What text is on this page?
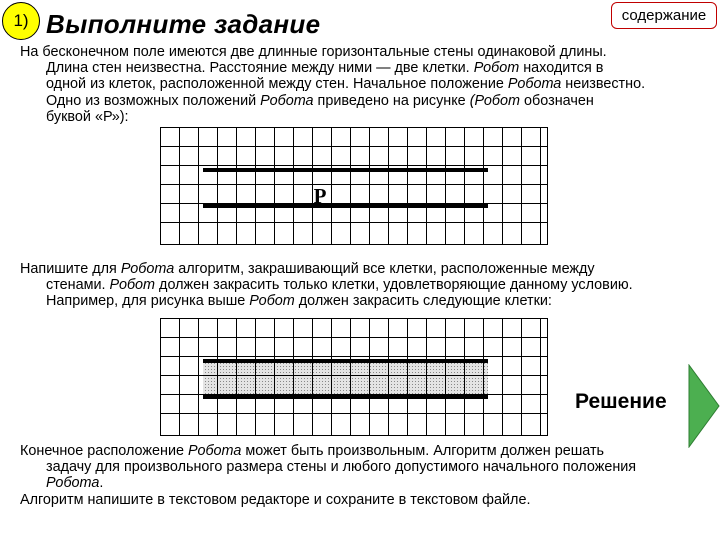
1) Выполните задание	содержание

На бесконечном поле имеются две длинные горизонтальные стены одинаковой длины.
Длина стен неизвестна. Расстояние между ними — две клетки. Робот находится в
одной из клеток, расположенной между стен. Начальное положение Робота неизвестно.
Одно из возможных положений Робота приведено на рисунке (Робот обозначен
буквой «Р»):

Р

Напишите для Робота алгоритм, закрашивающий все клетки, расположенные между
стенами. Робот должен закрасить только клетки, удовлетворяющие данному условию.
Например, для рисунка выше Робот должен закрасить следующие клетки:

Решение

Конечное расположение Робота может быть произвольным. Алгоритм должен решать
задачу для произвольного размера стены и любого допустимого начального положения
Робота.
Алгоритм напишите в текстовом редакторе и сохраните в текстовом файле.
